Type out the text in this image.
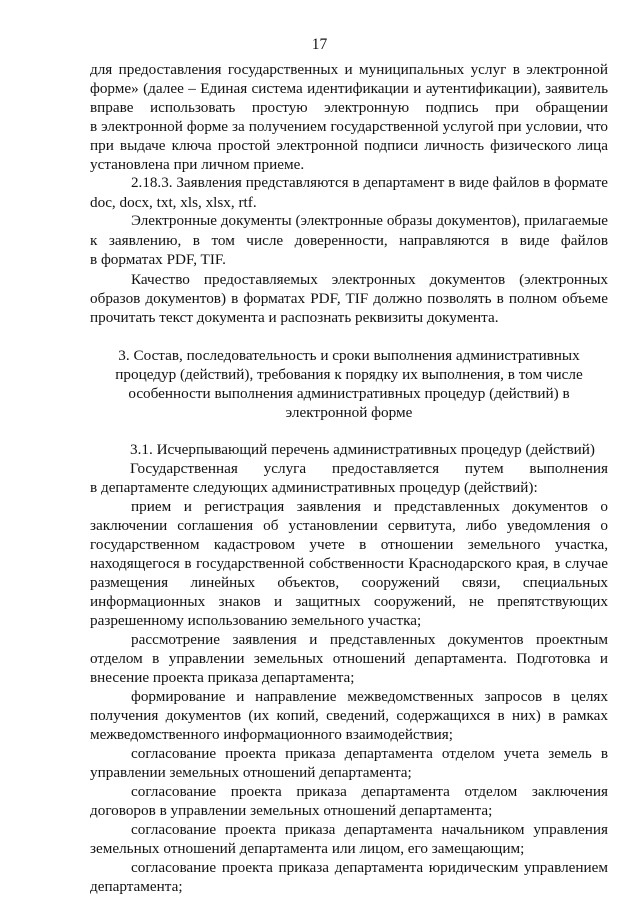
17
для предоставления государственных и муниципальных услуг в электронной
форме» (далее – Единая система идентификации и аутентификации), заявитель
вправе использовать простую электронную подпись при обращении
в электронной форме за получением государственной услугой при условии, что
при выдаче ключа простой электронной подписи личность физического лица
установлена при личном приеме.
2.18.3. Заявления представляются в департамент в виде файлов в формате
doc, docx, txt, xls, xlsx, rtf.
Электронные документы (электронные образы документов), прилагаемые
к заявлению, в том числе доверенности, направляются в виде файлов
в форматах PDF, TIF.
Качество предоставляемых электронных документов (электронных
образов документов) в форматах PDF, TIF должно позволять в полном объеме
прочитать текст документа и распознать реквизиты документа.
3. Состав, последовательность и сроки выполнения административных
процедур (действий), требования к порядку их выполнения, в том числе
особенности выполнения административных процедур (действий) в
электронной форме
3.1. Исчерпывающий перечень административных процедур (действий)
Государственная услуга предоставляется путем выполнения
в департаменте следующих административных процедур (действий):
прием и регистрация заявления и представленных документов о
заключении соглашения об установлении сервитута, либо уведомления о
государственном кадастровом учете в отношении земельного участка,
находящегося в государственной собственности Краснодарского края, в случае
размещения линейных объектов, сооружений связи, специальных
информационных знаков и защитных сооружений, не препятствующих
разрешенному использованию земельного участка;
рассмотрение заявления и представленных документов проектным
отделом в управлении земельных отношений департамента. Подготовка и
внесение проекта приказа департамента;
формирование и направление межведомственных запросов в целях
получения документов (их копий, сведений, содержащихся в них) в рамках
межведомственного информационного взаимодействия;
согласование проекта приказа департамента отделом учета земель в
управлении земельных отношений департамента;
согласование проекта приказа департамента отделом заключения
договоров в управлении земельных отношений департамента;
согласование проекта приказа департамента начальником управления
земельных отношений департамента или лицом, его замещающим;
согласование проекта приказа департамента юридическим управлением
департамента;
